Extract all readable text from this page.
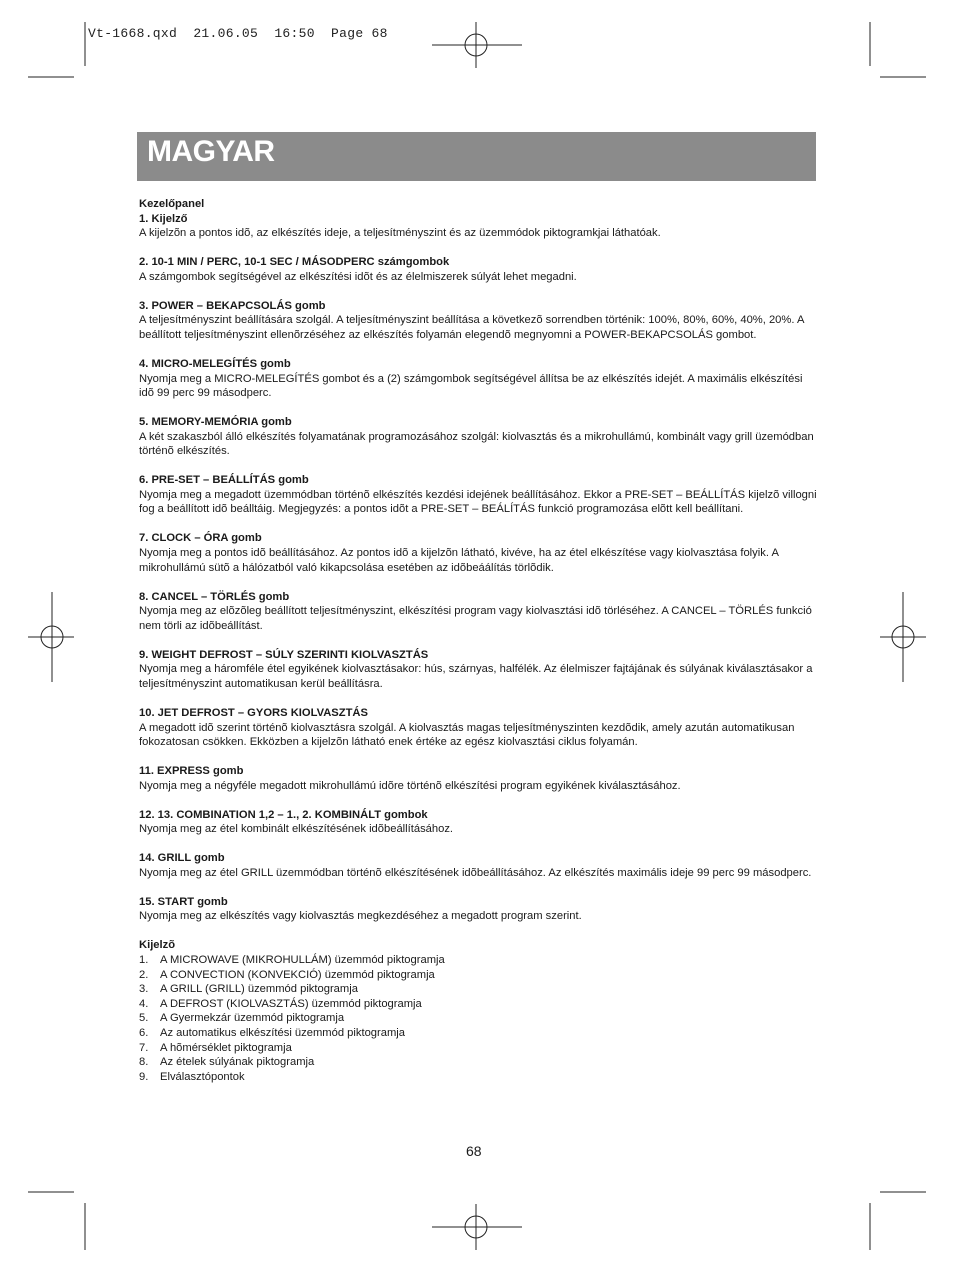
Vt-1668.qxd  21.06.05  16:50  Page 68
MAGYAR
Kezelőpanel

1. Kijelző

A kijelzõn a pontos idõ, az elkészítés ideje, a teljesítményszint és az üzemmódok piktogramkjai láthatóak.

2. 10-1 MIN / PERC, 10-1 SEC / MÁSODPERC számgombok

A számgombok segítségével az elkészítési idõt és az élelmiszerek súlyát lehet megadni.

3. POWER – BEKAPCSOLÁS gomb

A teljesítményszint beállítására szolgál. A teljesítményszint beállítása a következõ sorrendben történik: 100%, 80%, 60%, 40%, 20%. A beállított teljesítményszint ellenõrzéséhez az elkészítés folyamán elegendõ megnyomni a POWER-BEKAPCSOLÁS gombot.

4. MICRO-MELEGÍTÉS gomb

Nyomja meg a MICRO-MELEGÍTÉS gombot és a (2) számgombok segítségével állítsa be az elkészítés idejét. A maximális elkészítési idõ 99 perc 99 másodperc.

5. MEMORY-MEMÓRIA gomb

A két szakaszból álló elkészítés folyamatának programozásához szolgál: kiolvasztás és a mikrohullámú, kombinált vagy grill üzemódban történõ elkészítés.

6. PRE-SET – BEÁLLÍTÁS gomb

Nyomja meg a megadott üzemmódban történõ elkészítés kezdési idejének beállításához. Ekkor a PRE-SET – BEÁLLÍTÁS kijelzõ villogni fog a beállított idõ beálltáig. Megjegyzés: a pontos idõt a PRE-SET – BEÁLÍTÁS funkció programozása elõtt kell beállítani.

7. CLOCK – ÓRA gomb

Nyomja meg a pontos idõ beállításához. Az pontos idõ a kijelzõn látható, kivéve, ha az étel elkészítése vagy kiolvasztása folyik. A mikrohullámú sütõ a hálózatból való kikapcsolása esetében az idõbeáálítás törlõdik.

8. CANCEL – TÖRLÉS gomb

Nyomja meg az elõzõleg beállított teljesítményszint, elkészítési program vagy kiolvasztási idõ törléséhez. A CANCEL – TÖRLÉS funkció nem törli az idõbeállítást.

9. WEIGHT DEFROST – SÚLY SZERINTI KIOLVASZTÁS

Nyomja meg a háromféle étel egyikének kiolvasztásakor: hús, szárnyas, halfélék. Az élelmiszer fajtájának és súlyának kiválasztásakor a teljesítményszint automatikusan kerül beállításra.

10. JET DEFROST – GYORS KIOLVASZTÁS

A megadott idõ szerint történõ kiolvasztásra szolgál. A kiolvasztás magas teljesítményszinten kezdõdik, amely azután automatikusan fokozatosan csökken. Ekközben a kijelzõn látható enek értéke az egész kiolvasztási ciklus folyamán.

11. EXPRESS gomb

Nyomja meg a négyféle megadott mikrohullámú idõre történõ elkészítési program egyikének kiválasztásához.

12. 13. COMBINATION 1,2 – 1., 2. KOMBINÁLT gombok

Nyomja meg az étel kombinált elkészítésének idõbeállításához.

14. GRILL gomb

Nyomja meg az étel GRILL üzemmódban történõ elkészítésének idõbeállításához. Az elkészítés maximális ideje 99 perc 99 másodperc.

15. START gomb

Nyomja meg az elkészítés vagy kiolvasztás megkezdéséhez a megadott program szerint.

Kijelzõ
1.	A MICROWAVE (MIKROHULLÁM) üzemmód piktogramja
2.	A CONVECTION (KONVEKCIÓ) üzemmód piktogramja
3.	A GRILL (GRILL) üzemmód piktogramja
4.	A DEFROST (KIOLVASZTÁS) üzemmód piktogramja
5.	A Gyermekzár üzemmód piktogramja
6.	Az automatikus elkészítési üzemmód piktogramja
7.	A hõmérséklet piktogramja
8.	Az ételek súlyának piktogramja
9.	Elválasztópontok
68
